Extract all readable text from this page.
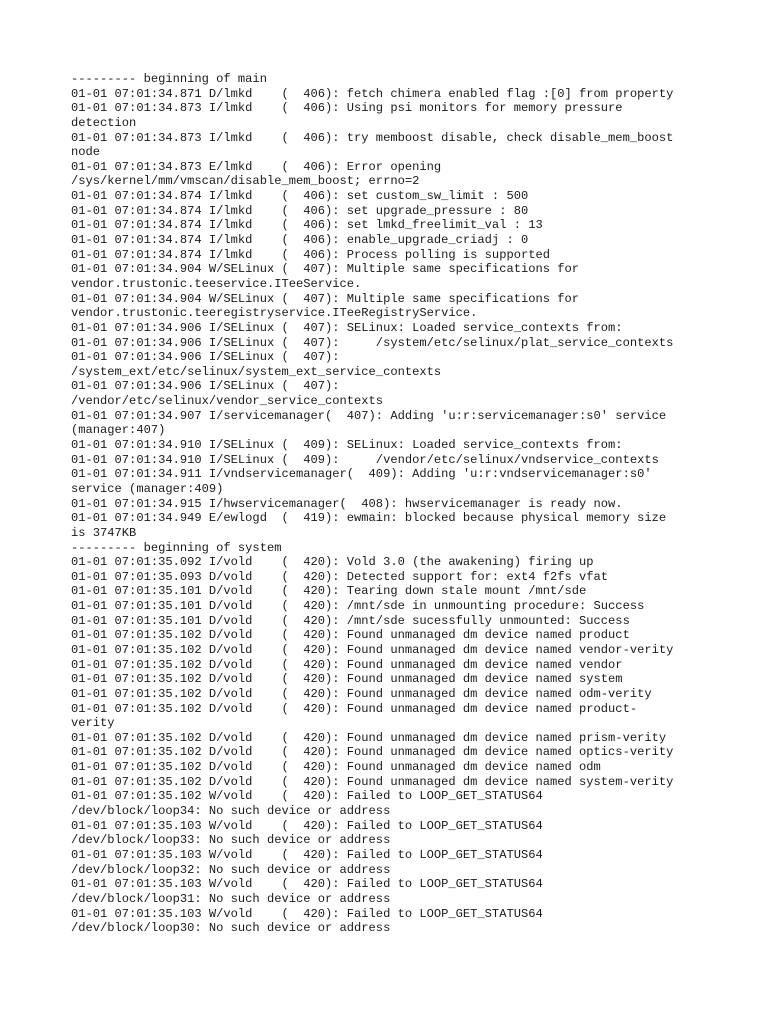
--------- beginning of main
01-01 07:01:34.871 D/lmkd    (  406): fetch chimera enabled flag :[0] from property
01-01 07:01:34.873 I/lmkd    (  406): Using psi monitors for memory pressure
detection
01-01 07:01:34.873 I/lmkd    (  406): try memboost disable, check disable_mem_boost
node
01-01 07:01:34.873 E/lmkd    (  406): Error opening
/sys/kernel/mm/vmscan/disable_mem_boost; errno=2
01-01 07:01:34.874 I/lmkd    (  406): set custom_sw_limit : 500
01-01 07:01:34.874 I/lmkd    (  406): set upgrade_pressure : 80
01-01 07:01:34.874 I/lmkd    (  406): set lmkd_freelimit_val : 13
01-01 07:01:34.874 I/lmkd    (  406): enable_upgrade_criadj : 0
01-01 07:01:34.874 I/lmkd    (  406): Process polling is supported
01-01 07:01:34.904 W/SELinux (  407): Multiple same specifications for
vendor.trustonic.teeservice.ITeeService.
01-01 07:01:34.904 W/SELinux (  407): Multiple same specifications for
vendor.trustonic.teeregistryservice.ITeeRegistryService.
01-01 07:01:34.906 I/SELinux (  407): SELinux: Loaded service_contexts from:
01-01 07:01:34.906 I/SELinux (  407):     /system/etc/selinux/plat_service_contexts
01-01 07:01:34.906 I/SELinux (  407):
/system_ext/etc/selinux/system_ext_service_contexts
01-01 07:01:34.906 I/SELinux (  407):
/vendor/etc/selinux/vendor_service_contexts
01-01 07:01:34.907 I/servicemanager(  407): Adding 'u:r:servicemanager:s0' service
(manager:407)
01-01 07:01:34.910 I/SELinux (  409): SELinux: Loaded service_contexts from:
01-01 07:01:34.910 I/SELinux (  409):     /vendor/etc/selinux/vndservice_contexts
01-01 07:01:34.911 I/vndservicemanager(  409): Adding 'u:r:vndservicemanager:s0'
service (manager:409)
01-01 07:01:34.915 I/hwservicemanager(  408): hwservicemanager is ready now.
01-01 07:01:34.949 E/ewlogd  (  419): ewmain: blocked because physical memory size
is 3747KB
--------- beginning of system
01-01 07:01:35.092 I/vold    (  420): Vold 3.0 (the awakening) firing up
01-01 07:01:35.093 D/vold    (  420): Detected support for: ext4 f2fs vfat
01-01 07:01:35.101 D/vold    (  420): Tearing down stale mount /mnt/sde
01-01 07:01:35.101 D/vold    (  420): /mnt/sde in unmounting procedure: Success
01-01 07:01:35.101 D/vold    (  420): /mnt/sde sucessfully unmounted: Success
01-01 07:01:35.102 D/vold    (  420): Found unmanaged dm device named product
01-01 07:01:35.102 D/vold    (  420): Found unmanaged dm device named vendor-verity
01-01 07:01:35.102 D/vold    (  420): Found unmanaged dm device named vendor
01-01 07:01:35.102 D/vold    (  420): Found unmanaged dm device named system
01-01 07:01:35.102 D/vold    (  420): Found unmanaged dm device named odm-verity
01-01 07:01:35.102 D/vold    (  420): Found unmanaged dm device named product-
verity
01-01 07:01:35.102 D/vold    (  420): Found unmanaged dm device named prism-verity
01-01 07:01:35.102 D/vold    (  420): Found unmanaged dm device named optics-verity
01-01 07:01:35.102 D/vold    (  420): Found unmanaged dm device named odm
01-01 07:01:35.102 D/vold    (  420): Found unmanaged dm device named system-verity
01-01 07:01:35.102 W/vold    (  420): Failed to LOOP_GET_STATUS64
/dev/block/loop34: No such device or address
01-01 07:01:35.103 W/vold    (  420): Failed to LOOP_GET_STATUS64
/dev/block/loop33: No such device or address
01-01 07:01:35.103 W/vold    (  420): Failed to LOOP_GET_STATUS64
/dev/block/loop32: No such device or address
01-01 07:01:35.103 W/vold    (  420): Failed to LOOP_GET_STATUS64
/dev/block/loop31: No such device or address
01-01 07:01:35.103 W/vold    (  420): Failed to LOOP_GET_STATUS64
/dev/block/loop30: No such device or address
